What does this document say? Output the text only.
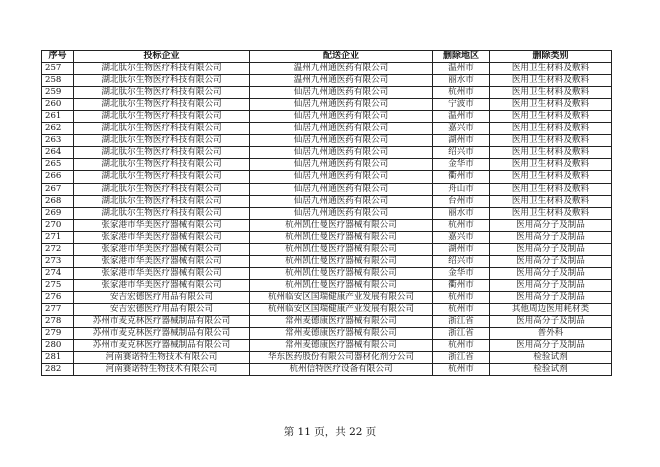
序号	投标企业	配送企业	删除地区	删除类别
257	湖北肽尔生物医疗科技有限公司	温州九州通医药有限公司	温州市	医用卫生材料及敷料
258	湖北肽尔生物医疗科技有限公司	温州九州通医药有限公司	丽水市	医用卫生材料及敷料
259	湖北肽尔生物医疗科技有限公司	仙居九州通医药有限公司	杭州市	医用卫生材料及敷料
260	湖北肽尔生物医疗科技有限公司	仙居九州通医药有限公司	宁波市	医用卫生材料及敷料
261	湖北肽尔生物医疗科技有限公司	仙居九州通医药有限公司	温州市	医用卫生材料及敷料
262	湖北肽尔生物医疗科技有限公司	仙居九州通医药有限公司	嘉兴市	医用卫生材料及敷料
263	湖北肽尔生物医疗科技有限公司	仙居九州通医药有限公司	湖州市	医用卫生材料及敷料
264	湖北肽尔生物医疗科技有限公司	仙居九州通医药有限公司	绍兴市	医用卫生材料及敷料
265	湖北肽尔生物医疗科技有限公司	仙居九州通医药有限公司	金华市	医用卫生材料及敷料
266	湖北肽尔生物医疗科技有限公司	仙居九州通医药有限公司	衢州市	医用卫生材料及敷料
267	湖北肽尔生物医疗科技有限公司	仙居九州通医药有限公司	舟山市	医用卫生材料及敷料
268	湖北肽尔生物医疗科技有限公司	仙居九州通医药有限公司	台州市	医用卫生材料及敷料
269	湖北肽尔生物医疗科技有限公司	仙居九州通医药有限公司	丽水市	医用卫生材料及敷料
270	张家港市华美医疗器械有限公司	杭州凯仕曼医疗器械有限公司	杭州市	医用高分子及制品
271	张家港市华美医疗器械有限公司	杭州凯仕曼医疗器械有限公司	嘉兴市	医用高分子及制品
272	张家港市华美医疗器械有限公司	杭州凯仕曼医疗器械有限公司	湖州市	医用高分子及制品
273	张家港市华美医疗器械有限公司	杭州凯仕曼医疗器械有限公司	绍兴市	医用高分子及制品
274	张家港市华美医疗器械有限公司	杭州凯仕曼医疗器械有限公司	金华市	医用高分子及制品
275	张家港市华美医疗器械有限公司	杭州凯仕曼医疗器械有限公司	衢州市	医用高分子及制品
276	安吉宏德医疗用品有限公司	杭州临安区国瑞健康产业发展有限公司	杭州市	医用高分子及制品
277	安吉宏德医疗用品有限公司	杭州临安区国瑞健康产业发展有限公司	杭州市	其他周边医用耗材类
278	苏州市麦克林医疗器械制品有限公司	常州麦德康医疗器械有限公司	浙江省	医用高分子及制品
279	苏州市麦克林医疗器械制品有限公司	常州麦德康医疗器械有限公司	浙江省	普外科
280	苏州市麦克林医疗器械制品有限公司	常州麦德康医疗器械有限公司	杭州市	医用高分子及制品
281	河南赛诺特生物技术有限公司	华东医药股份有限公司器材化剂分公司	浙江省	检验试剂
282	河南赛诺特生物技术有限公司	杭州信特医疗设备有限公司	杭州市	检验试剂
第 11 页，共 22 页
